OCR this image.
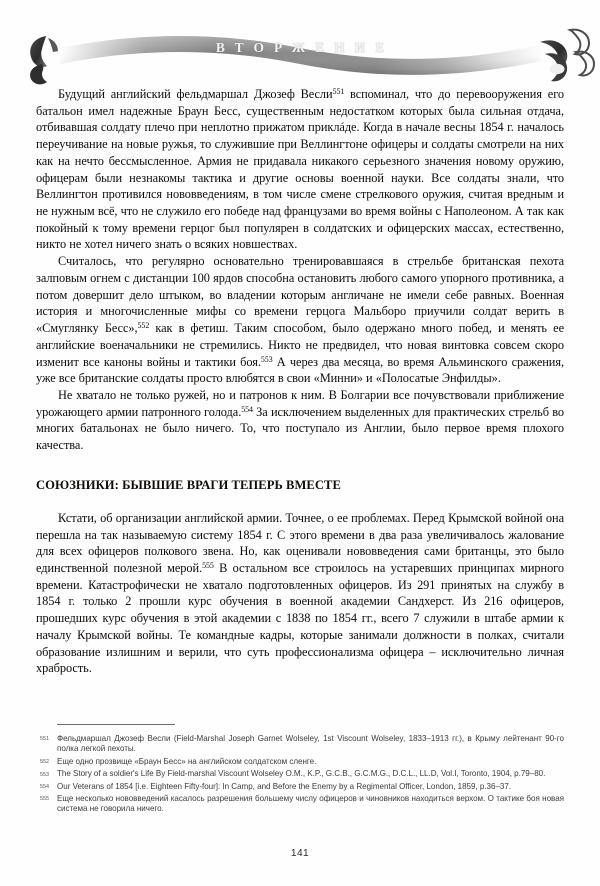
ВТОРЖЕНИЕ

Будущий английский фельдмаршал Джозеф Весли$^{551}$ вспоминал, что до перевооружения его батальон имел надежные Браун Бесс, существенным недостатком которых была сильная отдача, отбивавшая солдату плечо при неплотно прижатом приклáде. Когда в начале весны 1854 г. началось переучивание на новые ружья, то служившие при Веллингтоне офицеры и солдаты смотрели на них как на нечто бессмысленное. Армия не придавала никакого серьезного значения новому оружию, офицерам были незнакомы тактика и другие основы военной науки. Все солдаты знали, что Веллингтон противился нововведениям, в том числе смене стрелкового оружия, считая вредным и не нужным всё, что не служило его победе над французами во время войны с Наполеоном. А так как покойный к тому времени герцог был популярен в солдатских и офицерских массах, естественно, никто не хотел ничего знать о всяких новшествах.

Считалось, что регулярно основательно тренировавшаяся в стрельбе британская пехота залповым огнем с дистанции 100 ярдов способна остановить любого самого упорного противника, а потом довершит дело штыком, во владении которым англичане не имели себе равных. Военная история и многочисленные мифы со времени герцога Мальборо приучили солдат верить в «Смуглянку Бесс»,$^{552}$ как в фетиш. Таким способом, было одержано много побед, и менять ее английские военачальники не стремились. Никто не предвидел, что новая винтовка совсем скоро изменит все каноны войны и тактики боя.$^{553}$ А через два месяца, во время Альминского сражения, уже все британские солдаты просто влюбятся в свои «Минни» и «Полосатые Энфилды».

Не хватало не только ружей, но и патронов к ним. В Болгарии все почувствовали приближение урожающего армии патронного голода.$^{554}$ За исключением выделенных для практических стрельб во многих батальонах не было ничего. То, что поступало из Англии, было первое время плохого качества.

СОЮЗНИКИ: БЫВШИЕ ВРАГИ ТЕПЕРЬ ВМЕСТЕ

Кстати, об организации английской армии. Точнее, о ее проблемах. Перед Крымской войной она перешла на так называемую систему 1854 г. С этого времени в два раза увеличивалось жалование для всех офицеров полкового звена. Но, как оценивали нововведения сами британцы, это было единственной полезной мерой.$^{555}$ В остальном все строилось на устаревших принципах мирного времени. Катастрофически не хватало подготовленных офицеров. Из 291 принятых на службу в 1854 г. только 2 прошли курс обучения в военной академии Сандхерст. Из 216 офицеров, прошедших курс обучения в этой академии с 1838 по 1854 гг., всего 7 служили в штабе армии к началу Крымской войны. Те командные кадры, которые занимали должности в полках, считали образование излишним и верили, что суть профессионализма офицера – исключительно личная храбрость.

551 Фельдмаршал Джозеф Весли (Field-Marshal Joseph Garnet Wolseley, 1st Viscount Wolseley, 1833–1913 гг.), в Крыму лейтенант 90-го полка легкой пехоты.
552 Еще одно прозвище «Браун Бесс» на английском солдатском сленге.
553 The Story of a soldier's Life By Field-marshal Viscount Wolseley O.M., K.P., G.C.B., G.C.M.G., D.C.L., LL.D, Vol.I, Toronto, 1904, p.79–80.
554 Our Veterans of 1854 [i.e. Eighteen Fifty-four]: In Camp, and Before the Enemy by a Regimental Officer, London, 1859, p.36–37.
555 Еще несколько нововведений касалось разрешения большему числу офицеров и чиновников находиться верхом. О тактике боя новая система не говорила ничего.
141
